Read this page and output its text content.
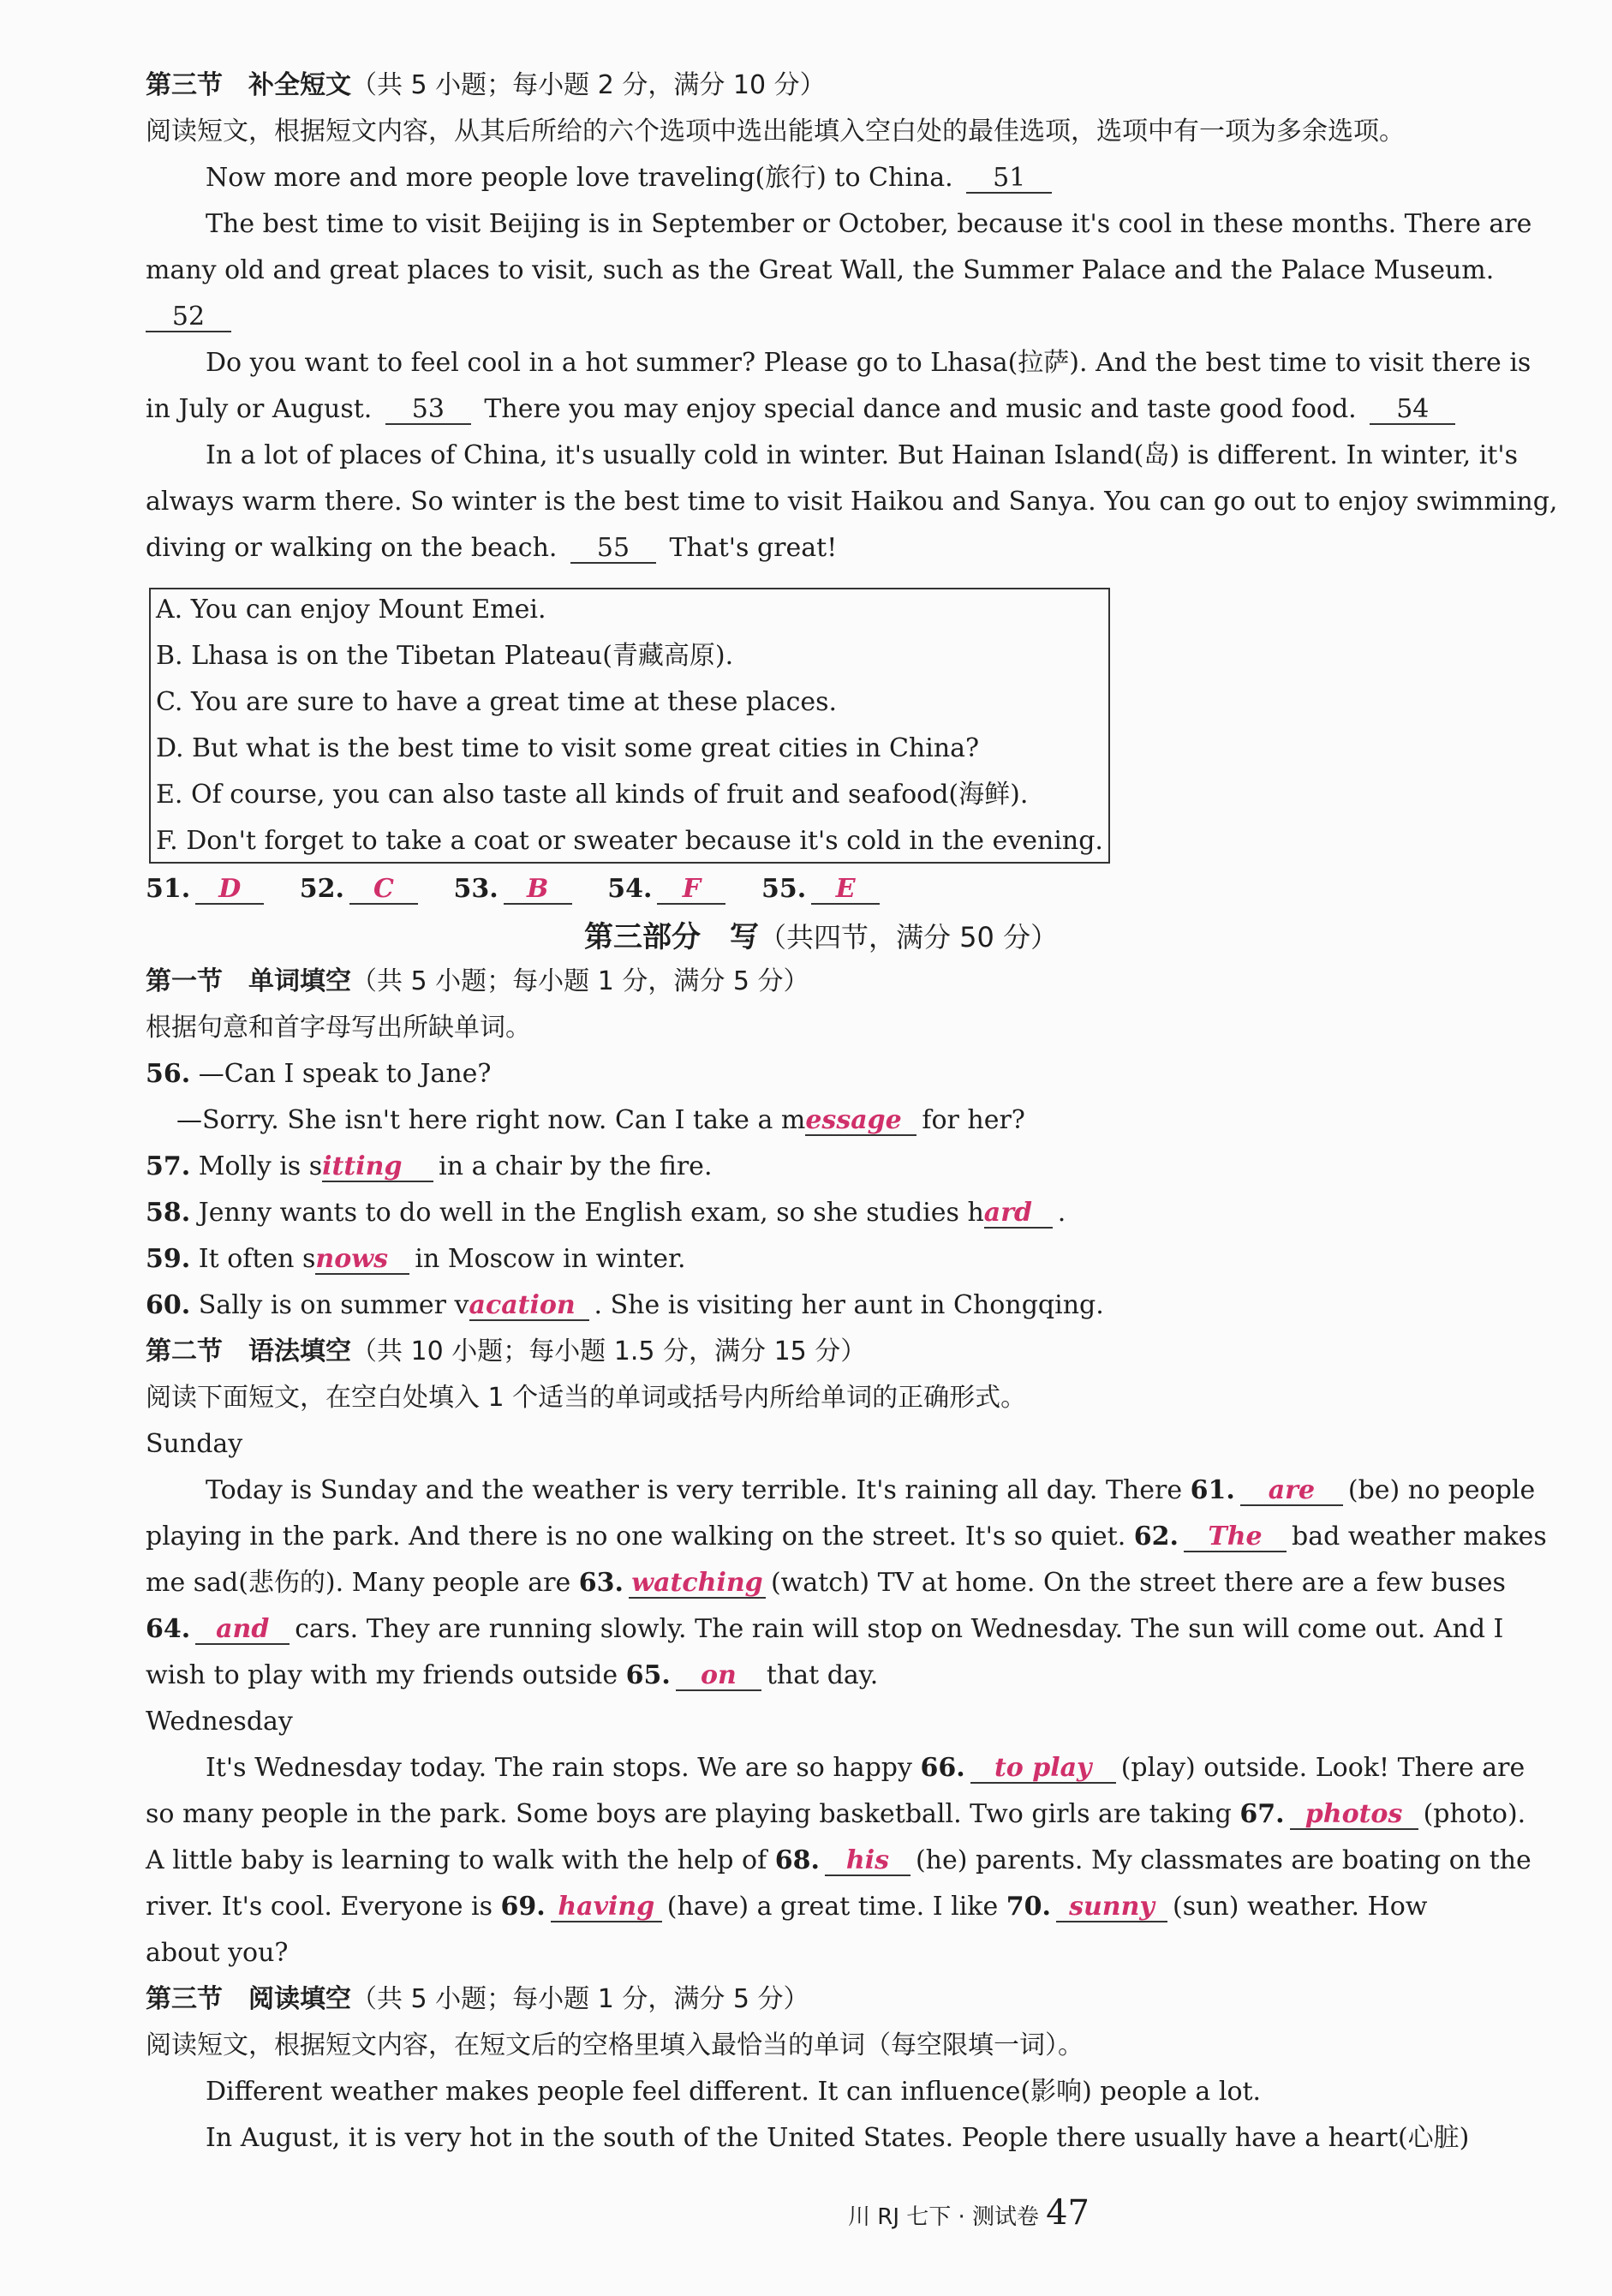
第三节　补全短文（共 5 小题；每小题 2 分，满分 10 分）
阅读短文，根据短文内容，从其后所给的六个选项中选出能填入空白处的最佳选项，选项中有一项为多余选项。
Now more and more people love traveling(旅行) to China. 51
The best time to visit Beijing is in September or October, because it's cool in these months. There are
many old and great places to visit, such as the Great Wall, the Summer Palace and the Palace Museum.
52
Do you want to feel cool in a hot summer? Please go to Lhasa(拉萨). And the best time to visit there is
in July or August. 53 There you may enjoy special dance and music and taste good food. 54
In a lot of places of China, it's usually cold in winter. But Hainan Island(岛) is different. In winter, it's
always warm there. So winter is the best time to visit Haikou and Sanya. You can go out to enjoy swimming,
diving or walking on the beach. 55 That's great!
A. You can enjoy Mount Emei.
B. Lhasa is on the Tibetan Plateau(青藏高原).
C. You are sure to have a great time at these places.
D. But what is the best time to visit some great cities in China?
E. Of course, you can also taste all kinds of fruit and seafood(海鲜).
F. Don't forget to take a coat or sweater because it's cold in the evening.
51. D 52. C 53. B 54. F 55. E
第三部分　写（共四节，满分 50 分）
第一节　单词填空（共 5 小题；每小题 1 分，满分 5 分）
根据句意和首字母写出所缺单词。
56. —Can I speak to Jane?
—Sorry. She isn't here right now. Can I take a message for her?
57. Molly is sitting in a chair by the fire.
58. Jenny wants to do well in the English exam, so she studies hard .
59. It often snows in Moscow in winter.
60. Sally is on summer vacation . She is visiting her aunt in Chongqing.
第二节　语法填空（共 10 小题；每小题 1.5 分，满分 15 分）
阅读下面短文，在空白处填入 1 个适当的单词或括号内所给单词的正确形式。
Sunday
Today is Sunday and the weather is very terrible. It's raining all day. There 61. are (be) no people
playing in the park. And there is no one walking on the street. It's so quiet. 62. The bad weather makes
me sad(悲伤的). Many people are 63. watching (watch) TV at home. On the street there are a few buses
64. and cars. They are running slowly. The rain will stop on Wednesday. The sun will come out. And I
wish to play with my friends outside 65. on that day.
Wednesday
It's Wednesday today. The rain stops. We are so happy 66. to play (play) outside. Look! There are
so many people in the park. Some boys are playing basketball. Two girls are taking 67. photos (photo).
A little baby is learning to walk with the help of 68. his (he) parents. My classmates are boating on the
river. It's cool. Everyone is 69. having (have) a great time. I like 70. sunny (sun) weather. How
about you?
第三节　阅读填空（共 5 小题；每小题 1 分，满分 5 分）
阅读短文，根据短文内容，在短文后的空格里填入最恰当的单词（每空限填一词）。
Different weather makes people feel different. It can influence(影响) people a lot.
In August, it is very hot in the south of the United States. People there usually have a heart(心脏)
川 RJ 七下 · 测试卷 47
